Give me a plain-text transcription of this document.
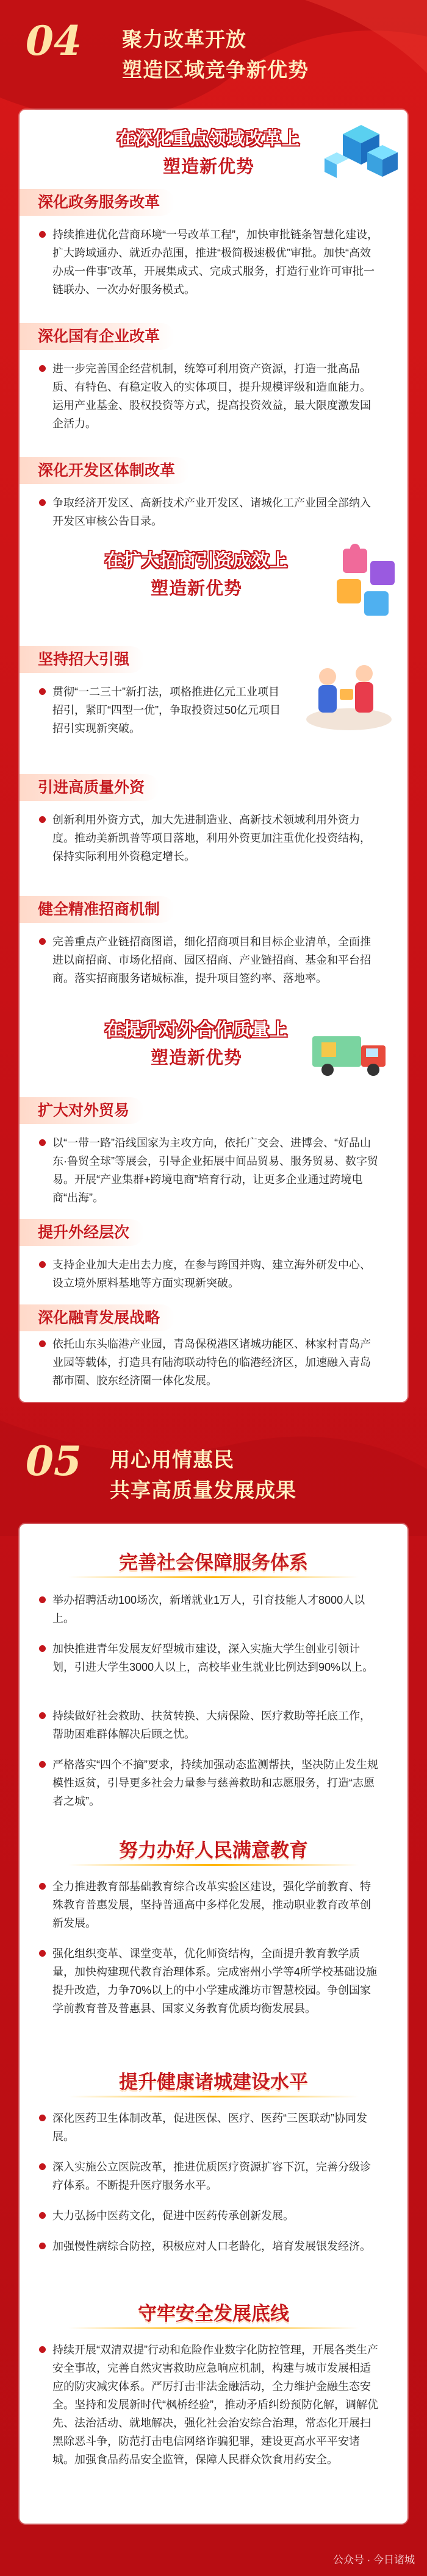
04 聚力改革开放
塑造区域竞争新优势
在深化重点领域改革上
塑造新优势
深化政务服务改革
持续推进优化营商环境“一号改革工程”，加快审批链条智慧化建设，扩大跨域通办、就近办范围，推进“极简极速极优”审批。加快“高效办成一件事”改革，开展集成式、完成式服务，打造行业许可审批一链联办、一次办好服务模式。
深化国有企业改革
进一步完善国企经营机制，统筹可利用资产资源，打造一批高品质、有特色、有稳定收入的实体项目，提升规模评级和造血能力。运用产业基金、股权投资等方式，提高投资效益，最大限度激发国企活力。
深化开发区体制改革
争取经济开发区、高新技术产业开发区、诸城化工产业园全部纳入开发区审核公告目录。
在扩大招商引资成效上
塑造新优势
坚持招大引强
贯彻“一二三十”新打法，项格推进亿元工业项目招引，紧盯“四型一优”，争取投资过50亿元项目招引实现新突破。
引进高质量外资
创新利用外资方式，加大先进制造业、高新技术领域利用外资力度。推动美新凯普等项目落地，利用外资更加注重优化投资结构，保持实际利用外资稳定增长。
健全精准招商机制
完善重点产业链招商图谱，细化招商项目和目标企业清单，全面推进以商招商、市场化招商、园区招商、产业链招商、基金和平台招商。落实招商服务诸城标准，提升项目签约率、落地率。
在提升对外合作质量上
塑造新优势
扩大对外贸易
以“一带一路”沿线国家为主攻方向，依托广交会、进博会、“好品山东·鲁贸全球”等展会，引导企业拓展中间品贸易、服务贸易、数字贸易。开展“产业集群+跨境电商”培育行动，让更多企业通过跨境电商“出海”。
提升外经层次
支持企业加大走出去力度，在参与跨国并购、建立海外研发中心、设立境外原料基地等方面实现新突破。
深化融青发展战略
依托山东头临港产业园，青岛保税港区诸城功能区、林家村青岛产业园等载体，打造具有陆海联动特色的临港经济区，加速融入青岛都市圈、胶东经济圈一体化发展。
05 用心用情惠民
共享高质量发展成果
完善社会保障服务体系
举办招聘活动100场次，新增就业1万人，引育技能人才8000人以上。
加快推进青年发展友好型城市建设，深入实施大学生创业引领计划，引进大学生3000人以上，高校毕业生就业比例达到90%以上。
持续做好社会救助、扶贫转换、大病保险、医疗救助等托底工作，帮助困难群体解决后顾之忧。
严格落实“四个不摘”要求，持续加强动态监测帮扶，坚决防止发生规模性返贫，引导更多社会力量参与慈善救助和志愿服务，打造“志愿者之城”。
努力办好人民满意教育
全力推进教育部基础教育综合改革实验区建设，强化学前教育、特殊教育普惠发展，坚持普通高中多样化发展，推动职业教育改革创新发展。
强化组织变革、课堂变革，优化师资结构，全面提升教育教学质量，加快构建现代教育治理体系。完成密州小学等4所学校基础设施提升改造，力争70%以上的中小学建成潍坊市智慧校园。争创国家学前教育普及普惠县、国家义务教育优质均衡发展县。
提升健康诸城建设水平
深化医药卫生体制改革，促进医保、医疗、医药“三医联动”协同发展。
深入实施公立医院改革，推进优质医疗资源扩容下沉，完善分级诊疗体系。不断提升医疗服务水平。
大力弘扬中医药文化，促进中医药传承创新发展。
加强慢性病综合防控，积极应对人口老龄化，培育发展银发经济。
守牢安全发展底线
持续开展“双清双提”行动和危险作业数字化防控管理，开展各类生产安全事故，完善自然灾害救助应急响应机制，构建与城市发展相适应的防灾减灾体系。严厉打击非法金融活动，全力维护金融生态安全。坚持和发展新时代“枫桥经验”，推动矛盾纠纷预防化解，调解优先、法治活动、就地解决，强化社会治安综合治理，常态化开展扫黑除恶斗争，防范打击电信网络诈骗犯罪，建设更高水平平安诸城。加强食品药品安全监管，保障人民群众饮食用药安全。
公众号 · 今日诸城
